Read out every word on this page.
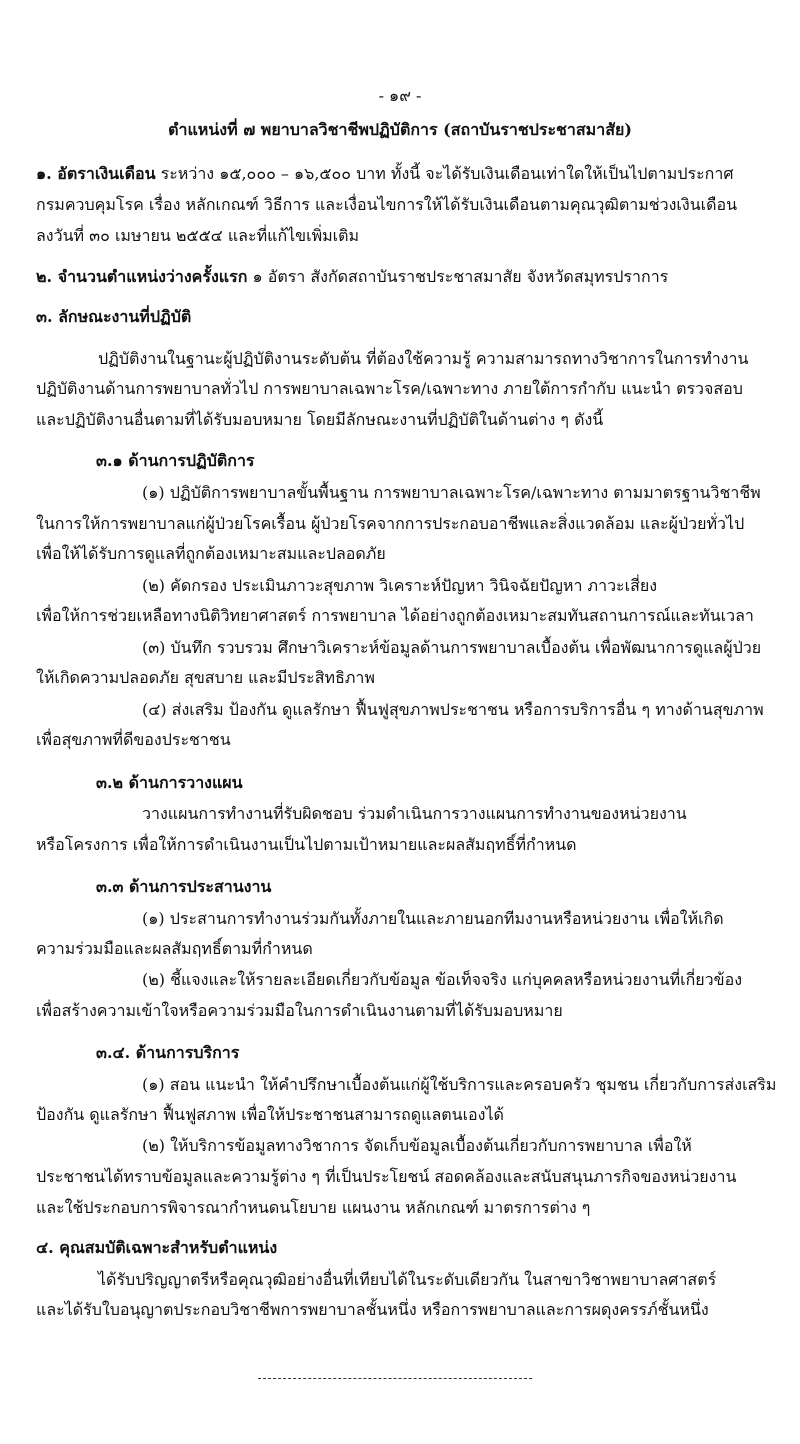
- ๑๙ -
ตำแหน่งที่ ๗ พยาบาลวิชาชีพปฏิบัติการ (สถาบันราชประชาสมาสัย)
๑. อัตราเงินเดือน ระหว่าง ๑๕,๐๐๐ – ๑๖,๕๐๐ บาท ทั้งนี้ จะได้รับเงินเดือนเท่าใดให้เป็นไปตามประกาศ
กรมควบคุมโรค เรื่อง หลักเกณฑ์ วิธีการ และเงื่อนไขการให้ได้รับเงินเดือนตามคุณวุฒิตามช่วงเงินเดือน
ลงวันที่ ๓๐ เมษายน ๒๕๕๔ และที่แก้ไขเพิ่มเติม
๒. จำนวนตำแหน่งว่างครั้งแรก ๑ อัตรา สังกัดสถาบันราชประชาสมาสัย จังหวัดสมุทรปราการ
๓. ลักษณะงานที่ปฏิบัติ
ปฏิบัติงานในฐานะผู้ปฏิบัติงานระดับต้น ที่ต้องใช้ความรู้ ความสามารถทางวิชาการในการทำงาน
ปฏิบัติงานด้านการพยาบาลทั่วไป การพยาบาลเฉพาะโรค/เฉพาะทาง ภายใต้การกำกับ แนะนำ ตรวจสอบ
และปฏิบัติงานอื่นตามที่ได้รับมอบหมาย โดยมีลักษณะงานที่ปฏิบัติในด้านต่าง ๆ ดังนี้
๓.๑ ด้านการปฏิบัติการ
(๑) ปฏิบัติการพยาบาลขั้นพื้นฐาน การพยาบาลเฉพาะโรค/เฉพาะทาง ตามมาตรฐานวิชาชีพ
ในการให้การพยาบาลแก่ผู้ป่วยโรคเรื้อน ผู้ป่วยโรคจากการประกอบอาชีพและสิ่งแวดล้อม และผู้ป่วยทั่วไป
เพื่อให้ได้รับการดูแลที่ถูกต้องเหมาะสมและปลอดภัย
(๒) คัดกรอง ประเมินภาวะสุขภาพ วิเคราะห์ปัญหา วินิจฉัยปัญหา ภาวะเสี่ยง
เพื่อให้การช่วยเหลือทางนิติวิทยาศาสตร์ การพยาบาล ได้อย่างถูกต้องเหมาะสมทันสถานการณ์และทันเวลา
(๓) บันทึก รวบรวม ศึกษาวิเคราะห์ข้อมูลด้านการพยาบาลเบื้องต้น เพื่อพัฒนาการดูแลผู้ป่วย
ให้เกิดความปลอดภัย สุขสบาย และมีประสิทธิภาพ
(๔) ส่งเสริม ป้องกัน ดูแลรักษา ฟื้นฟูสุขภาพประชาชน หรือการบริการอื่น ๆ ทางด้านสุขภาพ
เพื่อสุขภาพที่ดีของประชาชน
๓.๒ ด้านการวางแผน
วางแผนการทำงานที่รับผิดชอบ ร่วมดำเนินการวางแผนการทำงานของหน่วยงาน
หรือโครงการ เพื่อให้การดำเนินงานเป็นไปตามเป้าหมายและผลสัมฤทธิ์ที่กำหนด
๓.๓ ด้านการประสานงาน
(๑) ประสานการทำงานร่วมกันทั้งภายในและภายนอกทีมงานหรือหน่วยงาน เพื่อให้เกิด
ความร่วมมือและผลสัมฤทธิ์ตามที่กำหนด
(๒) ชี้แจงและให้รายละเอียดเกี่ยวกับข้อมูล ข้อเท็จจริง แก่บุคคลหรือหน่วยงานที่เกี่ยวข้อง
เพื่อสร้างความเข้าใจหรือความร่วมมือในการดำเนินงานตามที่ได้รับมอบหมาย
๓.๔. ด้านการบริการ
(๑) สอน แนะนำ ให้คำปรึกษาเบื้องต้นแก่ผู้ใช้บริการและครอบครัว ชุมชน เกี่ยวกับการส่งเสริม
ป้องกัน ดูแลรักษา ฟื้นฟูสภาพ เพื่อให้ประชาชนสามารถดูแลตนเองได้
(๒) ให้บริการข้อมูลทางวิชาการ จัดเก็บข้อมูลเบื้องต้นเกี่ยวกับการพยาบาล เพื่อให้
ประชาชนได้ทราบข้อมูลและความรู้ต่าง ๆ ที่เป็นประโยชน์ สอดคล้องและสนับสนุนภารกิจของหน่วยงาน
และใช้ประกอบการพิจารณากำหนดนโยบาย แผนงาน หลักเกณฑ์ มาตรการต่าง ๆ
๔. คุณสมบัติเฉพาะสำหรับตำแหน่ง
ได้รับปริญญาตรีหรือคุณวุฒิอย่างอื่นที่เทียบได้ในระดับเดียวกัน ในสาขาวิชาพยาบาลศาสตร์
และได้รับใบอนุญาตประกอบวิชาชีพการพยาบาลชั้นหนึ่ง หรือการพยาบาลและการผดุงครรภ์ชั้นหนึ่ง
